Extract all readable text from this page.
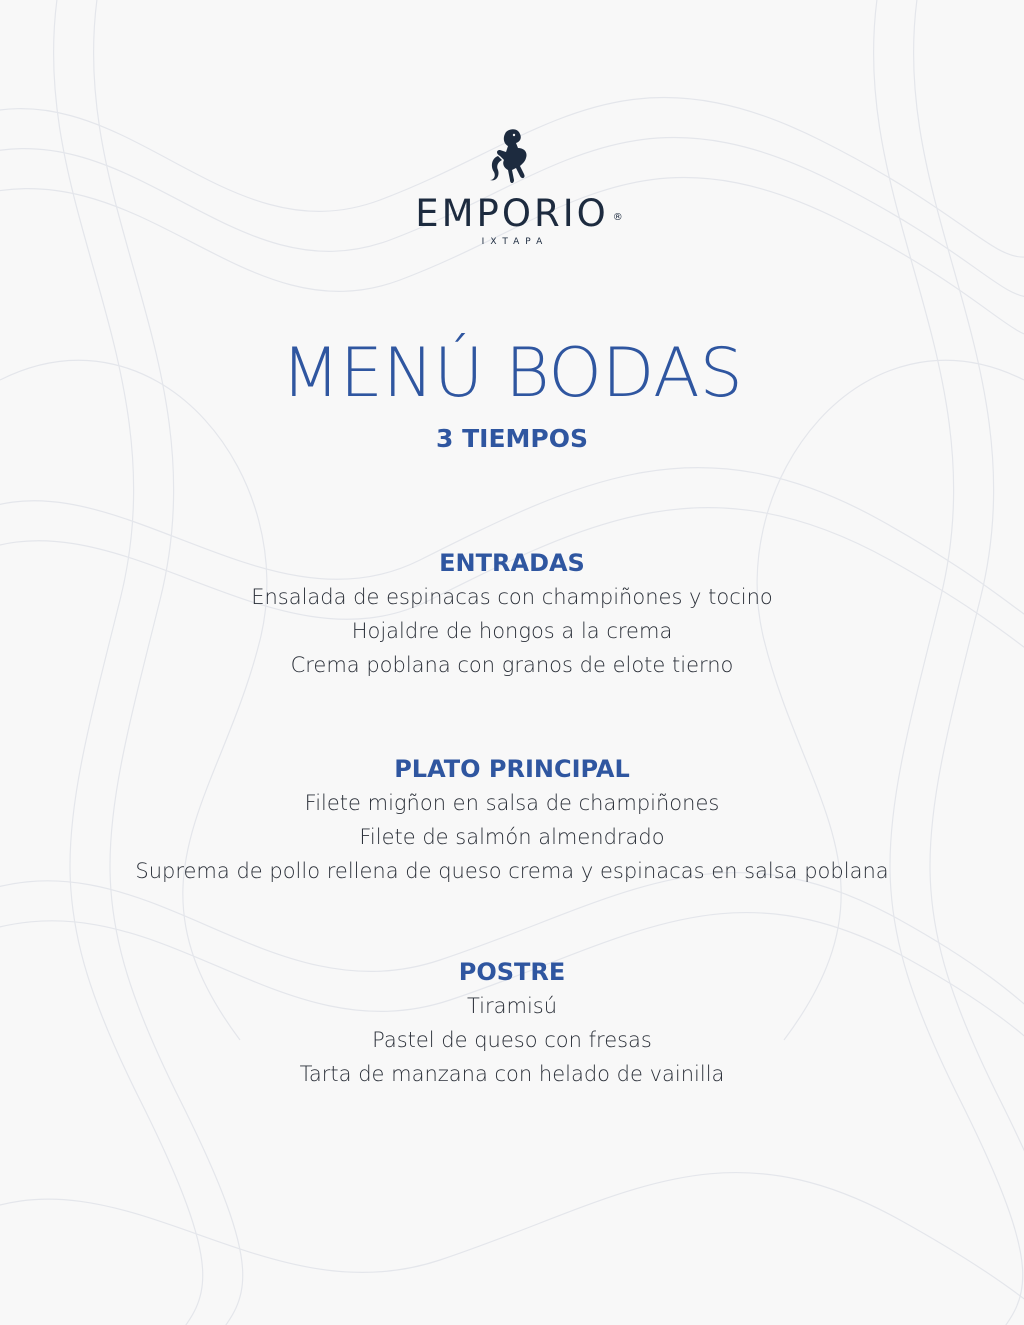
EMPORIO ®
IXTAPA
MENÚ BODAS
3 TIEMPOS

ENTRADAS

Ensalada de espinacas con champiñones y tocino

Hojaldre de hongos a la crema

Crema poblana con granos de elote tierno

PLATO PRINCIPAL

Filete migñon en salsa de champiñones

Filete de salmón almendrado

Suprema de pollo rellena de queso crema y espinacas en salsa poblana

POSTRE

Tiramisú

Pastel de queso con fresas

Tarta de manzana con helado de vainilla
